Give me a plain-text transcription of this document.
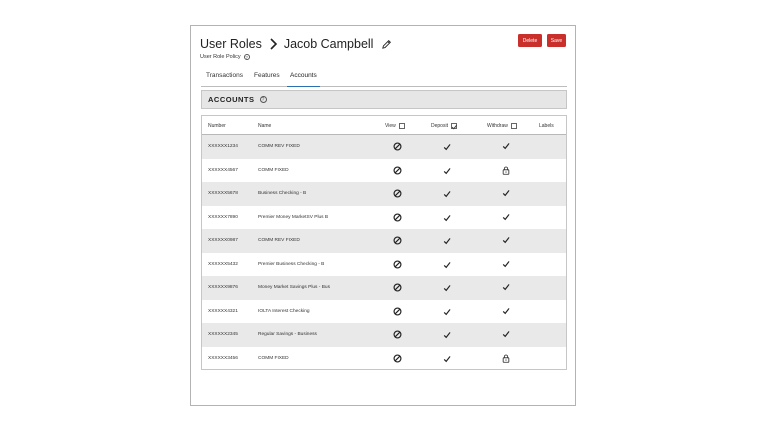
User Roles Jacob Campbell
User Role Policy	?
Delete	Save
Transactions Features Accounts
ACCOUNTS	?
Number	Name	View	Deposit	Withdraw	Labels
XXXXXX1234	COMM REV FIXED
XXXXXX4567	COMM FIXED
XXXXXX5678	Business Checking - B
XXXXXX7890	Premier Money MarketSV Plus B
XXXXXX0987	COMM REV FIXED
XXXXXX5432	Premier Business Checking - B
XXXXXX9876	Money Market Savings Plus - Bus
XXXXXX4321	IOLTA Interest Checking
XXXXXX2345	Regular Savings - Business
XXXXXX3456	COMM FIXED
